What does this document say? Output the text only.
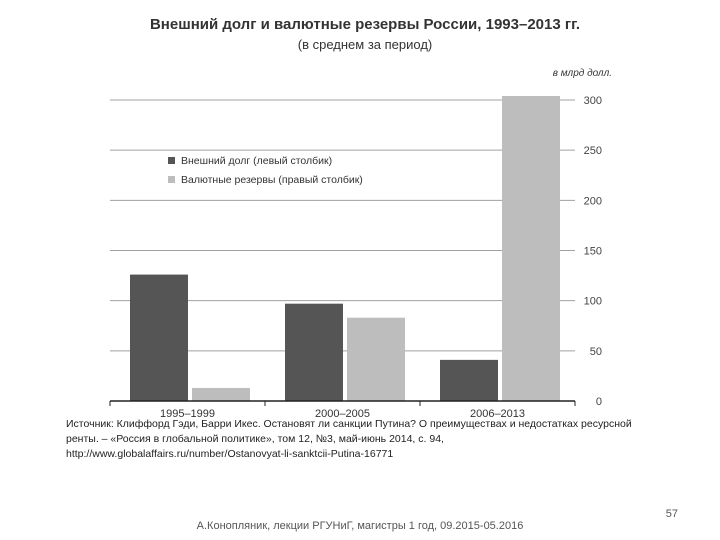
Внешний долг и валютные резервы России, 1993–2013 гг.
(в среднем за период)
в млрд долл.
0
50
100
150
200
250
300
1995–1999	2000–2005	2006–2013
Внешний долг (левый столбик)
Валютные резервы (правый столбик)
Источник: Клиффорд Гэди, Барри Икес. Остановят ли санкции Путина? О преимуществах и недостатках ресурсной
ренты. – «Россия в глобальной политике», том 12, №3, май-июнь 2014, с. 94,
http://www.globalaffairs.ru/number/Ostanovyat-li-sanktcii-Putina-16771
57
А.Конопляник, лекции РГУНиГ, магистры 1 год, 09.2015-05.2016
